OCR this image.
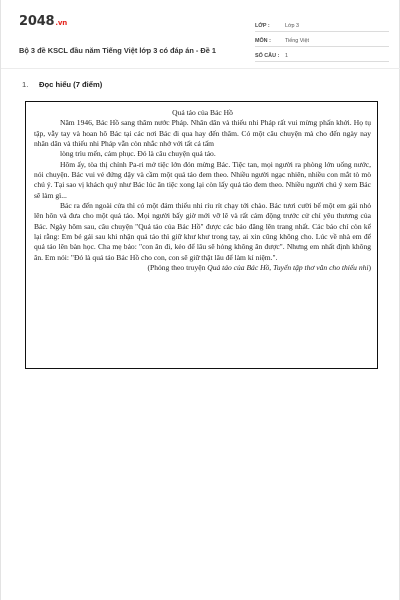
2048.vn
Bộ 3 đề KSCL đầu năm Tiếng Việt lớp 3 có đáp án - Đề 1
LỚP :	Lớp 3
MÔN :	Tiếng Việt
SỐ CÂU :	1
1. Đọc hiểu (7 điểm)

Quả táo của Bác Hồ

Năm 1946, Bác Hồ sang thăm nước Pháp. Nhân dân và thiếu nhi Pháp rất vui mừng phấn khởi. Họ tụ tập, vẫy tay và hoan hô Bác tại các nơi Bác đi qua hay đến thăm. Có một câu chuyện mà cho đến ngày nay nhân dân và thiếu nhi Pháp vẫn còn nhắc nhớ với tất cả tấm

lòng trìu mến, cảm phục. Đó là câu chuyện quả táo.

Hôm ấy, tòa thị chính Pa-ri mở tiệc lớn đón mừng Bác. Tiệc tan, mọi người ra phòng lớn uống nước, nói chuyện. Bác vui vẻ đứng dậy và cầm một quả táo đem theo. Nhiều người ngạc nhiên, nhiều con mắt tò mò chú ý. Tại sao vị khách quý như Bác lúc ăn tiệc xong lại còn lấy quả táo đem theo. Nhiều người chú ý xem Bác sẽ làm gì...

Bác ra đến ngoài cửa thì có một đám thiếu nhi ríu rít chạy tới chào. Bác tươi cười bế một em gái nhỏ lên hôn và đưa cho một quả táo. Mọi người bấy giờ mới vỡ lẽ và rất cảm động trước cử chỉ yêu thương của Bác. Ngày hôm sau, câu chuyện "Quả táo của Bác Hồ" được các báo đăng lên trang nhất. Các báo chí còn kể lại rằng: Em bé gái sau khi nhận quả táo thì giữ khư khư trong tay, ai xin cũng không cho. Lúc về nhà em để quả táo lên bàn học. Cha mẹ bảo: "con ăn đi, kẻo để lâu sẽ hỏng không ăn được". Nhưng em nhất định không ăn. Em nói: "Đó là quả táo Bác Hồ cho con, con sẽ giữ thật lâu để làm kỉ niệm.".

(Phỏng theo truyện Quả táo của Bác Hồ, Tuyển tập thơ văn cho thiếu nhi)
